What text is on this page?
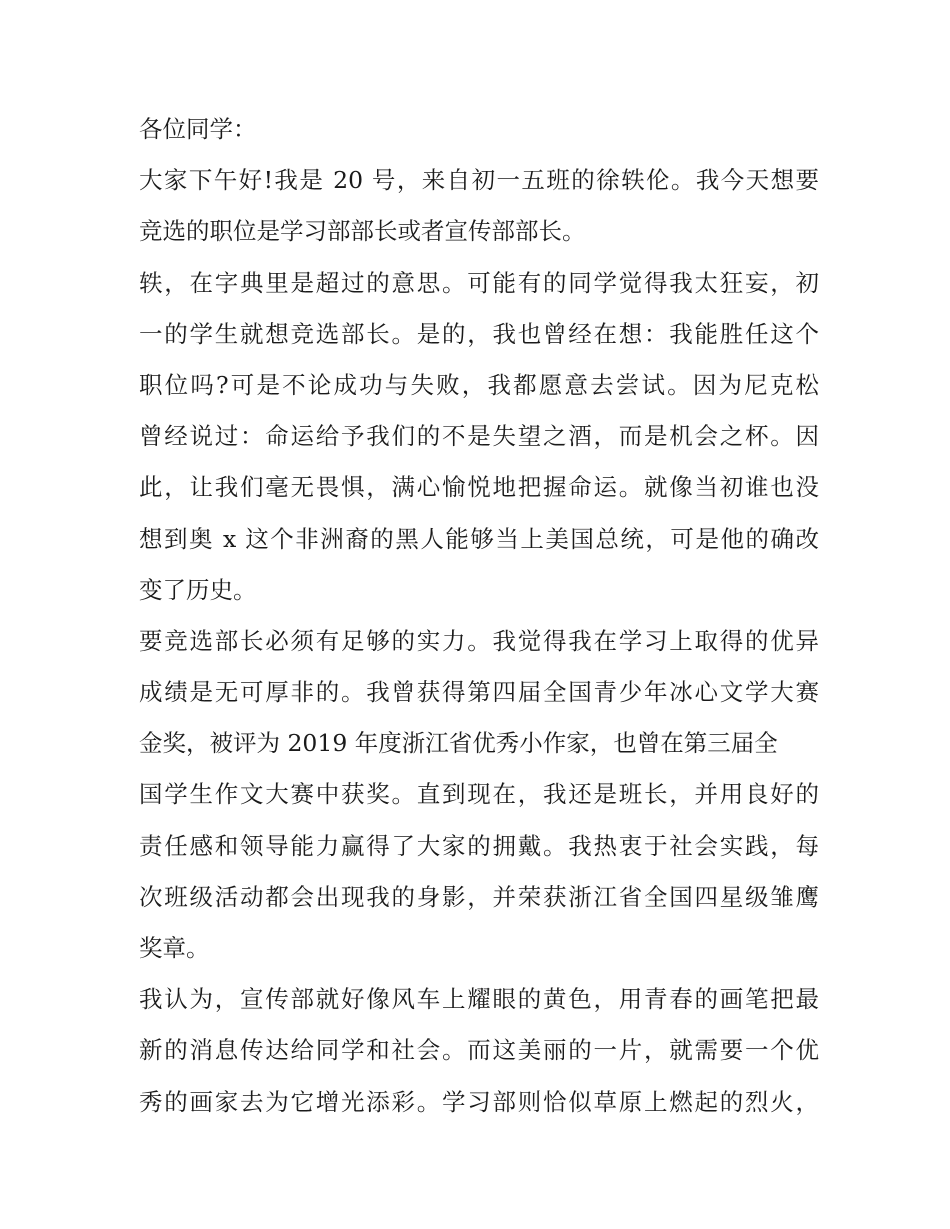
各位同学：
大家下午好!我是 20 号，来自初一五班的徐轶伦。我今天想要
竞选的职位是学习部部长或者宣传部部长。
轶，在字典里是超过的意思。可能有的同学觉得我太狂妄，初
一的学生就想竞选部长。是的，我也曾经在想：我能胜任这个
职位吗?可是不论成功与失败，我都愿意去尝试。因为尼克松
曾经说过：命运给予我们的不是失望之酒，而是机会之杯。因
此，让我们毫无畏惧，满心愉悦地把握命运。就像当初谁也没
想到奥 x 这个非洲裔的黑人能够当上美国总统，可是他的确改
变了历史。
要竞选部长必须有足够的实力。我觉得我在学习上取得的优异
成绩是无可厚非的。我曾获得第四届全国青少年冰心文学大赛
金奖，被评为 2019 年度浙江省优秀小作家，也曾在第三届全
国学生作文大赛中获奖。直到现在，我还是班长，并用良好的
责任感和领导能力赢得了大家的拥戴。我热衷于社会实践，每
次班级活动都会出现我的身影，并荣获浙江省全国四星级雏鹰
奖章。
我认为，宣传部就好像风车上耀眼的黄色，用青春的画笔把最
新的消息传达给同学和社会。而这美丽的一片，就需要一个优
秀的画家去为它增光添彩。学习部则恰似草原上燃起的烈火，
